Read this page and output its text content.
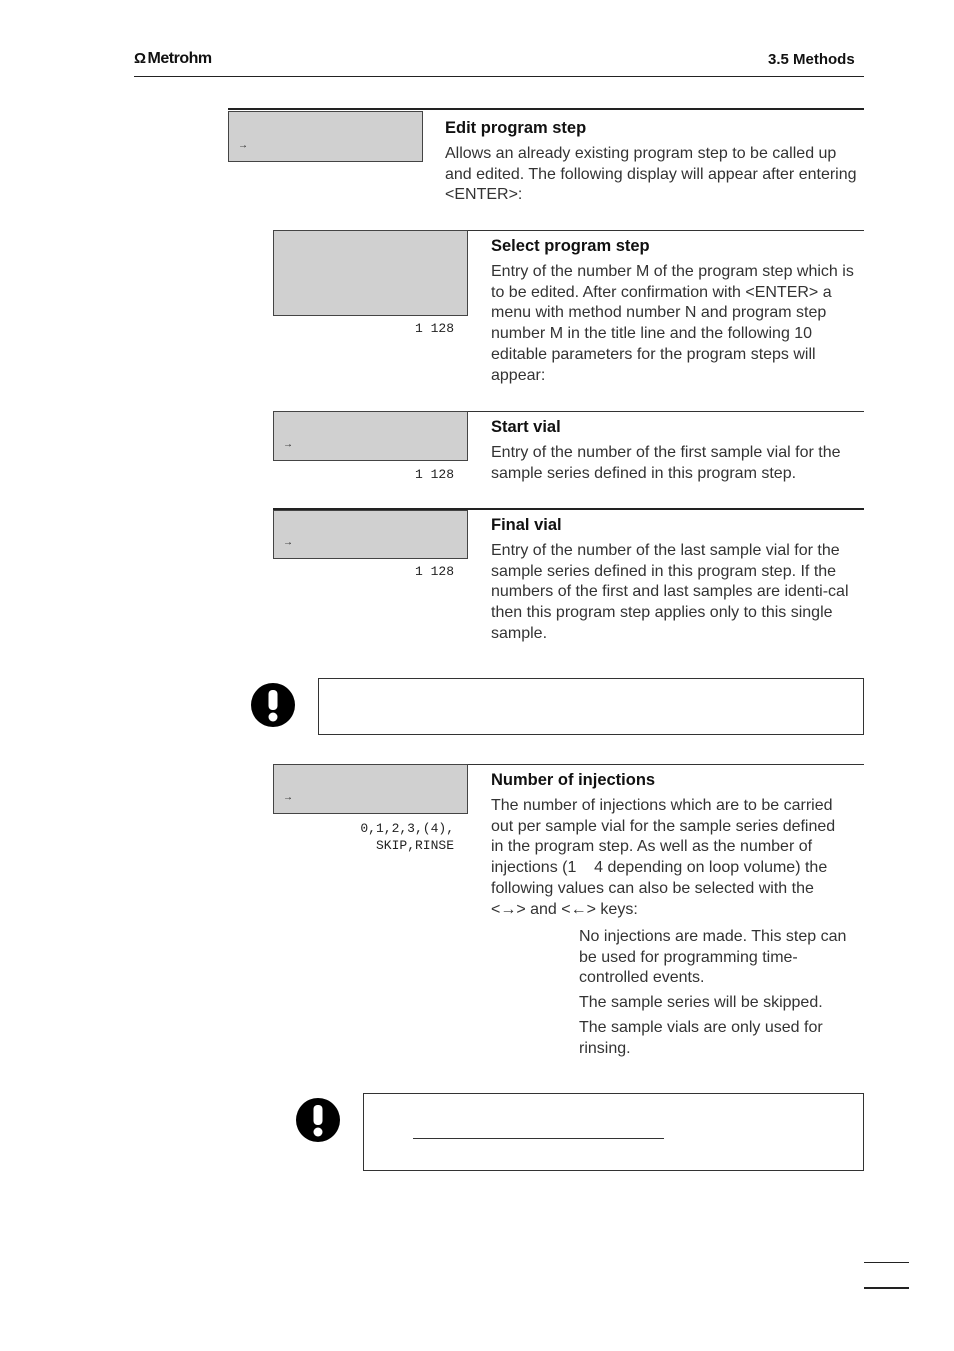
Ω Metrohm	3.5 Methods
→
Edit program step
Allows an already existing program step to be called up and edited. The following display will appear after entering <ENTER>:
1 128
Select program step
Entry of the number M of the program step which is to be edited. After confirmation with <ENTER> a menu with method number N and program step number M in the title line and the following 10 editable parameters for the program steps will appear:
→
1 128
Start vial
Entry of the number of the first sample vial for the sample series defined in this program step.
→
1 128
Final vial
Entry of the number of the last sample vial for the sample series defined in this program step. If the numbers of the first and last samples are identi-cal then this program step applies only to this single sample.
→
0,1,2,3,(4),
SKIP,RINSE
Number of injections
The number of injections which are to be carried
out per sample vial for the sample series defined
in the program step. As well as the number of
injections (1    4 depending on loop volume) the
following values can also be selected with the
<→> and <←> keys:
No injections are made. This step can be used for programming time-controlled events.
The sample series will be skipped.
The sample vials are only used for rinsing.
